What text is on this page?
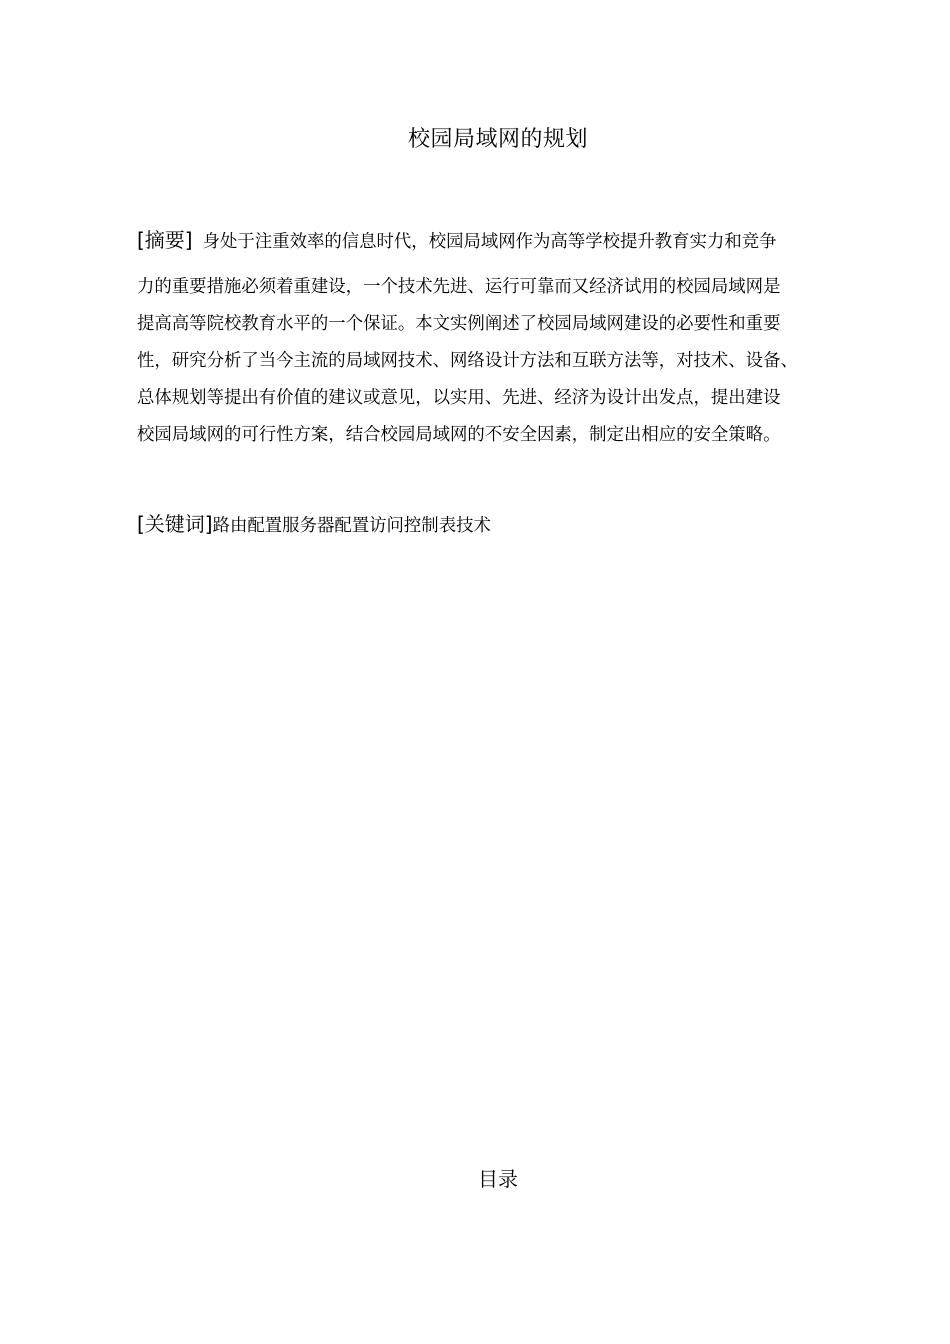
校园局域网的规划
[摘要] 身处于注重效率的信息时代，校园局域网作为高等学校提升教育实力和竞争
力的重要措施必须着重建设，一个技术先进、运行可靠而又经济试用的校园局域网是
提高高等院校教育水平的一个保证。本文实例阐述了校园局域网建设的必要性和重要
性，研究分析了当今主流的局域网技术、网络设计方法和互联方法等，对技术、设备、
总体规划等提出有价值的建议或意见，以实用、先进、经济为设计出发点，提出建设
校园局域网的可行性方案，结合校园局域网的不安全因素，制定出相应的安全策略。
[关键词]路由配置服务器配置访问控制表技术
目录
